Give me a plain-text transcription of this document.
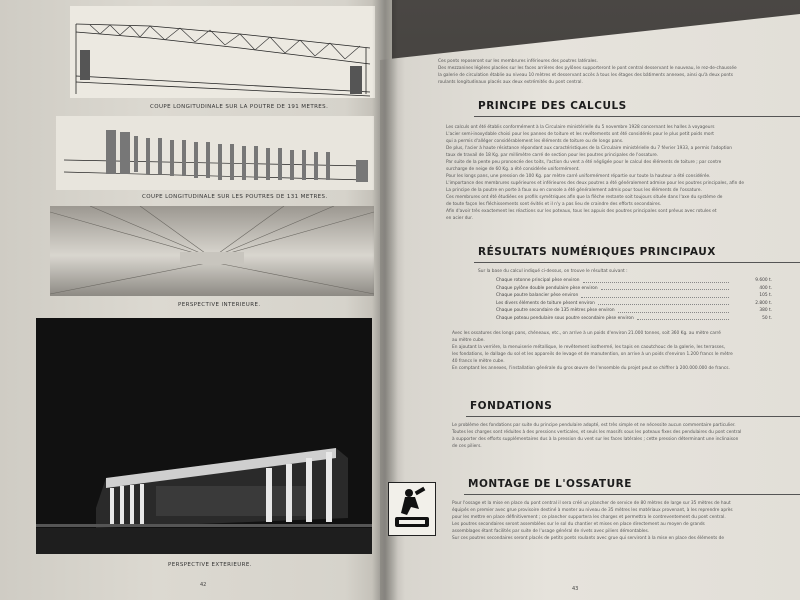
COUPE LONGITUDINALE SUR LA POUTRE DE 191 METRES.
COUPE LONGITUDINALE SUR LES POUTRES DE 131 METRES.
PERSPECTIVE INTERIEURE.
PERSPECTIVE EXTERIEURE.
42
Ces ponts reposeront sur les membrures inférieures des poutres latérales.
Des mezzanines légères placées sur les faces arrières des pylônes supporteront le pont central desservant le nouveau, le rez-de-chaussée
la galerie de circulation établie au niveau 10 mètres et desservant accès à tous les étages des bâtiments annexes, ainsi qu'à deux ponts
roulants longitudinaux placés aux deux extrémités du pont central.
PRINCIPE DES CALCULS
Les calculs ont été établis conformément à la Circulaire ministérielle du 5 novembre 1928 concernant les halles à voyageurs
L'acier semi-inoxydable choisi pour les pannes de toiture et les revêtements ont été considérés pour le plus petit poids mort
qui a permis d'alléger considérablement les éléments de toiture ou de longs pans.
De plus, l'acier à haute résistance répondant aux caractéristiques de la Circulaire ministérielle du 7 février 1933, a permis l'adoption
taux de travail de 18 Kg. par millimètre carré de section pour les poutres principales de l'ossature.
Par suite de la pente peu prononcée des toits, l'action du vent a été négligée pour le calcul des éléments de toiture ; par contre
surcharge de neige de 60 Kg. a été considérée uniformément.
Pour les longs pans, une pression de 100 Kg. par mètre carré uniformément répartie sur toute la hauteur a été considérée.
L'importance des membrures supérieures et inférieures des deux poutres a été généralement admise pour les poutres principales, afin de
La principe de la poutre en porte à faux ou en console a été généralement admis pour tous les éléments de l'ossature.
Ces membrures ont été étudiées en profils symétriques afin que la flèche restante soit toujours située dans l'axe du système de
de toute façon les fléchissements sont évités et il n'y a pas lieu de craindre des efforts secondaires.
Afin d'avoir très exactement les réactions sur les poteaux, tous les appuis des poutres principales sont prévus avec rotules et
en acier dur.
RÉSULTATS NUMÉRIQUES PRINCIPAUX
Sur la base du calcul indiqué ci-dessus, on trouve le résultat suivant :
Chaque rotonne principal pèse environ	9.600 t.
Chaque pylône double pendulaire pèse environ	400 t.
Chaque poutre balancier pèse environ	105 t.
Les divers éléments de toiture pèsent environ	2.800 t.
Chaque poutre secondaire de 135 mètres pèse environ	380 t.
Chaque poteau pendulaire sous poutre secondaire pèse environ	50 t.
Avec les ossatures des longs pans, chéneaux, etc., on arrive à un poids d'environ 21.000 tonnes, soit 360 Kg. au mètre carré
au mètre cube.
En ajoutant la verrière, la menuiserie métallique, le revêtement isothermé, les tapis en caoutchouc de la galerie, les terrasses,
les fondations, le dallage du sol et les appareils de levage et de manutention, on arrive à un poids d'environ 1.200 francs le mètre
40 francs le mètre cube.
En comptant les annexes, l'installation générale du gros œuvre de l'ensemble du projet peut se chiffrer à 200.000.000 de francs.
FONDATIONS
Le problème des fondations par suite du principe pendulaire adopté, est très simple et ne nécessite aucun commentaire particulier.
Toutes les charges sont réduites à des pressions verticales, et seuls les massifs sous les poteaux fixes des pendulaires du pont central
à supporter des efforts supplémentaires dus à la pression du vent sur les faces latérales ; cette pression déterminant une inclinaison
de ces piliers.
MONTAGE DE L'OSSATURE
Pour l'ossage et la mise en place du pont central il sera créé un plancher de service de 80 mètres de large sur 35 mètres de haut
équipés en premier avec grue provisoire destiné à monter au niveau de 35 mètres les matériaux provenant, à les reprendre après
pour les mettre en place définitivement ; ce plancher supportera les charges et permettra le contreventement du pont central.
Les poutres secondaires seront assemblées sur le sol du chantier et mises en place directement au moyen de grands
assemblages étant facilités par suite de l'usage général de rivets avec piliers démontables.
Sur ces poutres secondaires seront placés de petits ponts roulants avec grue qui serviront à la mise en place des éléments de
43
